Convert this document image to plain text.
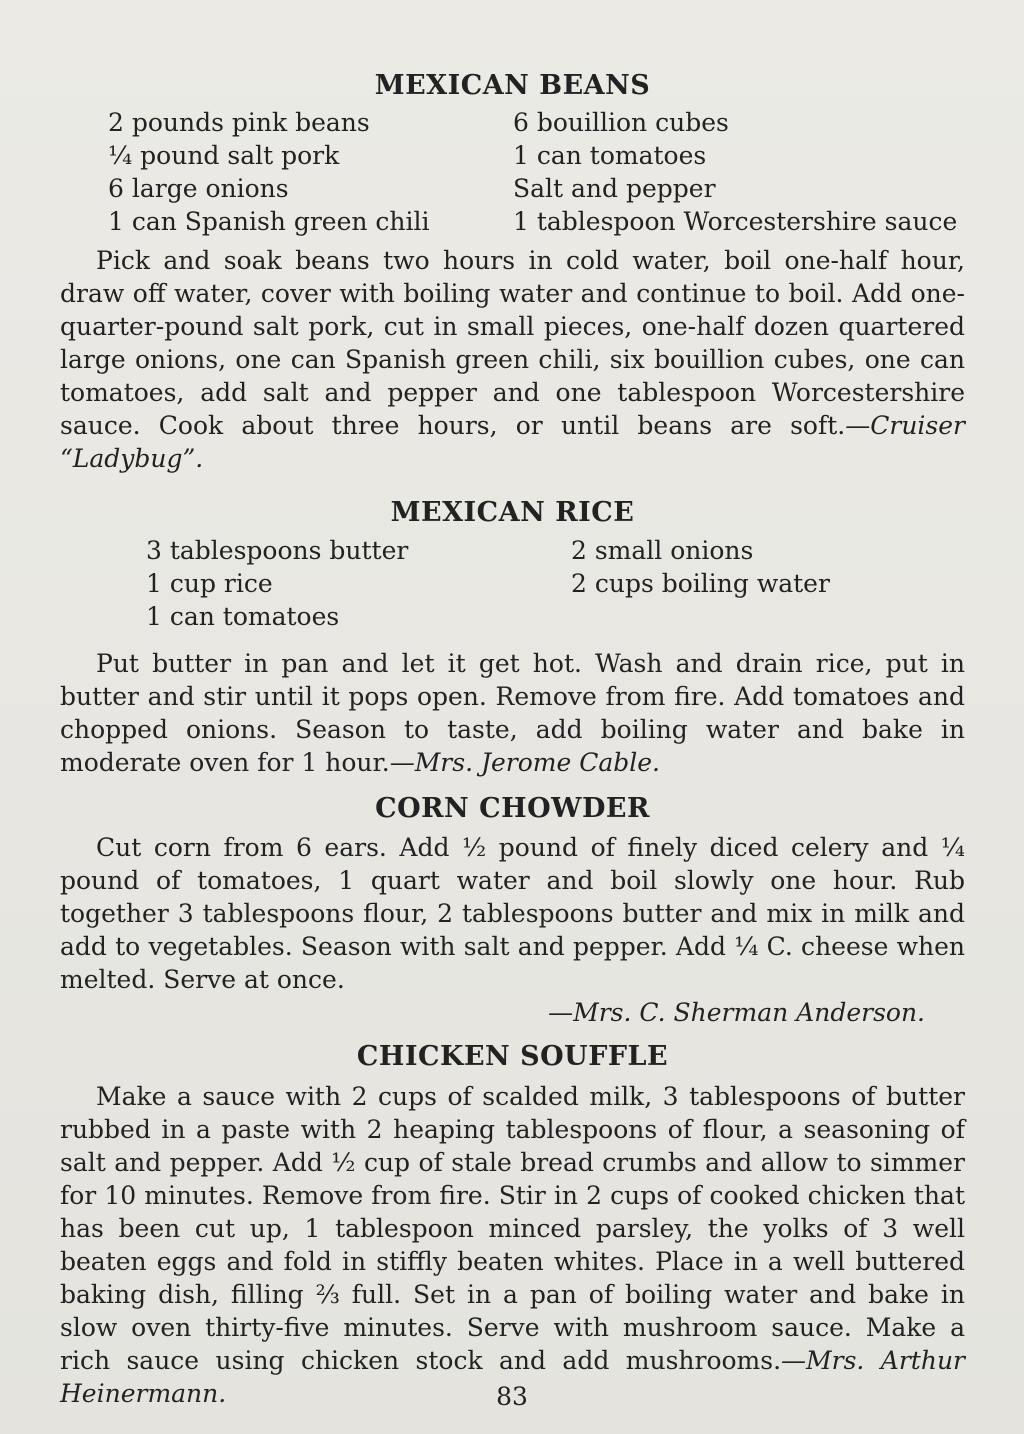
MEXICAN BEANS
2 pounds pink beans
¼ pound salt pork
6 large onions
1 can Spanish green chili
6 bouillion cubes
1 can tomatoes
Salt and pepper
1 tablespoon Worcestershire sauce

Pick and soak beans two hours in cold water, boil one-half hour, draw off water, cover with boiling water and continue to boil. Add one-quarter-pound salt pork, cut in small pieces, one-half dozen quartered large onions, one can Spanish green chili, six bouillion cubes, one can tomatoes, add salt and pepper and one tablespoon Worcestershire sauce. Cook about three hours, or until beans are soft.—Cruiser “Ladybug”.

MEXICAN RICE
3 tablespoons butter
1 cup rice
1 can tomatoes
2 small onions
2 cups boiling water

Put butter in pan and let it get hot. Wash and drain rice, put in butter and stir until it pops open. Remove from fire. Add tomatoes and chopped onions. Season to taste, add boiling water and bake in moderate oven for 1 hour.—Mrs. Jerome Cable.

CORN CHOWDER

Cut corn from 6 ears. Add ½ pound of finely diced celery and ¼ pound of tomatoes, 1 quart water and boil slowly one hour. Rub together 3 tablespoons flour, 2 tablespoons butter and mix in milk and add to vegetables. Season with salt and pepper. Add ¼ C. cheese when melted. Serve at once.

—Mrs. C. Sherman Anderson.
CHICKEN SOUFFLE

Make a sauce with 2 cups of scalded milk, 3 tablespoons of butter rubbed in a paste with 2 heaping tablespoons of flour, a seasoning of salt and pepper. Add ½ cup of stale bread crumbs and allow to simmer for 10 minutes. Remove from fire. Stir in 2 cups of cooked chicken that has been cut up, 1 tablespoon minced parsley, the yolks of 3 well beaten eggs and fold in stiffly beaten whites. Place in a well buttered baking dish, filling ⅔ full. Set in a pan of boiling water and bake in slow oven thirty-five minutes. Serve with mushroom sauce. Make a rich sauce using chicken stock and add mushrooms.—Mrs. Arthur Heinermann.	83
